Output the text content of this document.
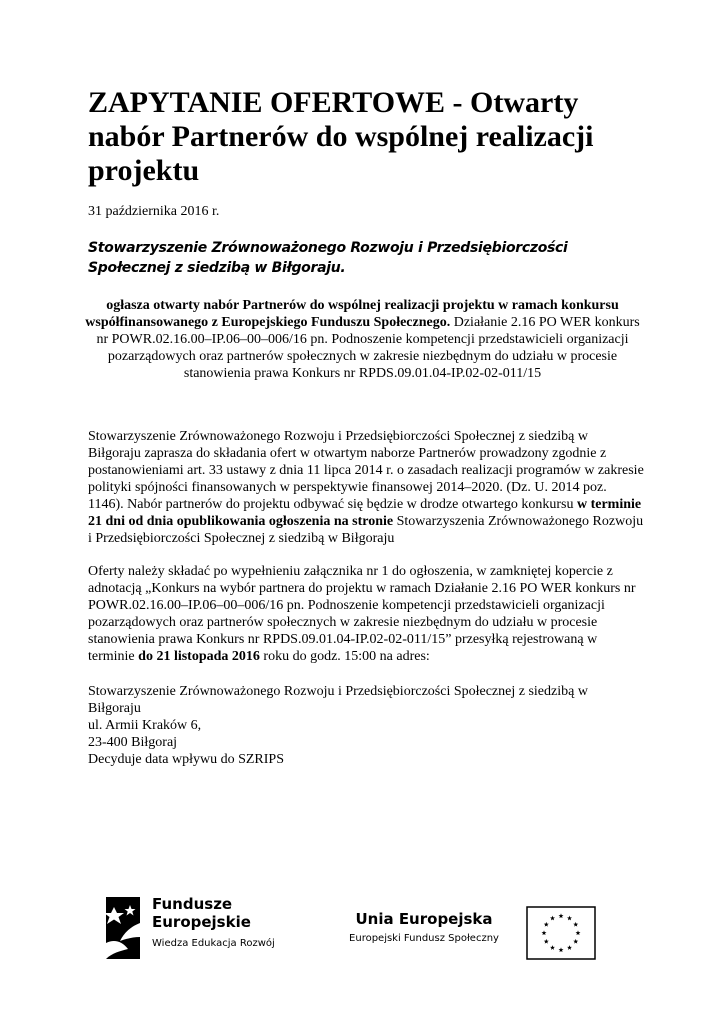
ZAPYTANIE OFERTOWE - Otwarty nabór Partnerów do wspólnej realizacji projektu

31 października 2016 r.

Stowarzyszenie Zrównoważonego Rozwoju i Przedsiębiorczości Społecznej z siedzibą w Biłgoraju.

ogłasza otwarty nabór Partnerów do wspólnej realizacji projektu w ramach konkursu współfinansowanego z Europejskiego Funduszu Społecznego. Działanie 2.16 PO WER konkurs nr POWR.02.16.00–IP.06–00–006/16 pn. Podnoszenie kompetencji przedstawicieli organizacji pozarządowych oraz partnerów społecznych w zakresie niezbędnym do udziału w procesie stanowienia prawa Konkurs nr RPDS.09.01.04-IP.02-02-011/15

Stowarzyszenie Zrównoważonego Rozwoju i Przedsiębiorczości Społecznej z siedzibą w Biłgoraju zaprasza do składania ofert w otwartym naborze Partnerów prowadzony zgodnie z postanowieniami art. 33 ustawy z dnia 11 lipca 2014 r. o zasadach realizacji programów w zakresie polityki spójności finansowanych w perspektywie finansowej 2014–2020. (Dz. U. 2014 poz. 1146). Nabór partnerów do projektu odbywać się będzie w drodze otwartego konkursu w terminie 21 dni od dnia opublikowania ogłoszenia na stronie Stowarzyszenia Zrównoważonego Rozwoju i Przedsiębiorczości Społecznej z siedzibą w Biłgoraju

Oferty należy składać po wypełnieniu załącznika nr 1 do ogłoszenia, w zamkniętej kopercie z adnotacją „Konkurs na wybór partnera do projektu w ramach Działanie 2.16 PO WER konkurs nr POWR.02.16.00–IP.06–00–006/16 pn. Podnoszenie kompetencji przedstawicieli organizacji pozarządowych oraz partnerów społecznych w zakresie niezbędnym do udziału w procesie stanowienia prawa Konkurs nr RPDS.09.01.04-IP.02-02-011/15” przesyłką rejestrowaną w terminie do 21 listopada 2016 roku do godz. 15:00 na adres:

Stowarzyszenie Zrównoważonego Rozwoju i Przedsiębiorczości Społecznej z siedzibą w Biłgoraju
ul. Armii Kraków 6,
23-400 Biłgoraj
Decyduje data wpływu do SZRIPS

Fundusze
Europejskie
Wiedza Edukacja Rozwój
Unia Europejska
Europejski Fundusz Społeczny
